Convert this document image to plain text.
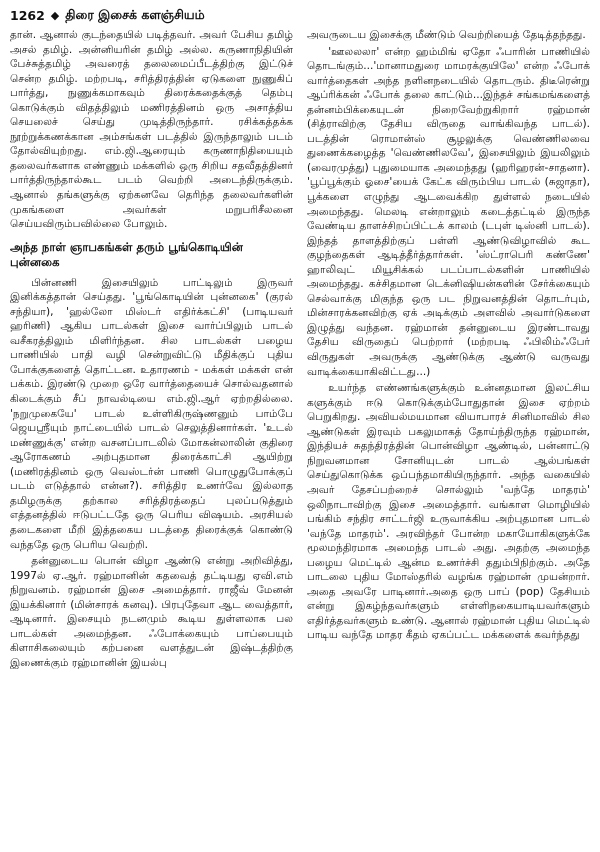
1262 ◆ திரை இசைக் களஞ்சியம்

தான். ஆனால் குடந்தையில் படித்தவர். அவர் பேசிய தமிழ் அசல் தமிழ். அன்னியரின் தமிழ் அல்ல. கருணாநிதியின் பேச்சுத்தமிழ் அவரைத் தலைமைப்பீடத்திற்கு இட்டுச் சென்ற தமிழ். மற்றபடி, சரித்திரத்தின் ஏடுகளை நுணுகிப் பார்த்து, நுணுக்கமாகவும் திரைக்கதைக்குத் தெம்பு கொடுக்கும் விதத்திலும் மணிரத்தினம் ஒரு அசாத்திய செயலைச் செய்து முடித்திருந்தார். ரசிக்கத்தக்க நூற்றுக்கணக்கான அம்சங்கள் படத்தில் இருந்தாலும் படம் தோல்வியுற்றது. எம்.ஜி.ஆரையும் கருணாநிதியையும் தலைவர்களாக எண்ணும் மக்களில் ஒரு சிறிய சதவீதத்தினர் பார்த்திருந்தால்கூட படம் வெற்றி அடைந்திருக்கும். ஆனால் தங்களுக்கு ஏற்கனவே தெரிந்த தலைவர்களின் முகங்களை அவர்கள் மறுபரிசீலனை செய்யவிரும்பவில்லை போலும்.

அந்த நாள் ஞாபகங்கள் தரும் பூங்கொடியின் புன்னகை

பின்னணி இசையிலும் பாட்டிலும் இருவர் இனிக்கத்தான் செய்தது. 'பூங்கொடியின் புன்னகை' (குரல் சந்தியா), 'ஹல்லோ மிஸ்டர் எதிர்க்கட்சி' (பாடியவர் ஹரிணி) ஆகிய பாடல்கள் இசை வார்ப்பிலும் பாடல் வசீகரத்திலும் மிளிர்ந்தன. சில பாடல்கள் பழைய பாணியில் பாதி வழி சென்றுவிட்டு மீதிக்குப் புதிய போக்குகளைத் தொட்டன. உதாரணம் - மக்கள் மக்கள் என் பக்கம். இரண்டு முறை ஒரே வார்த்தையைச் சொல்வதனால் கிடைக்கும் சீப் நாவல்டியை எம்.ஜி.ஆர் ஏற்றதில்லை. 'நறுமுகையே' பாடல் உள்ளிகிருஷ்ணனும் பாம்பே ஜெயஸ்ரீயும் நாட்டையில் பாடல் செலுத்தினார்கள். 'உடல் மண்ணுக்கு' என்ற வசனப்பாடலில் மோகன்லாலின் குதிரை ஆரோகணம் அற்புதமான திரைக்காட்சி ஆயிற்று (மணிரத்தினம் ஒரு வெஸ்டர்ன் பாணி பொழுதுபோக்குப் படம் எடுத்தால் என்ன?). சரித்திர உணர்வே இல்லாத தமிழருக்கு தற்கால சரித்திரத்தைப் புலப்படுத்தும் எத்தனத்தில் ஈடுபட்டதே ஒரு பெரிய விஷயம். அரசியல் தடைகளை மீறி இத்தகைய படத்தை திரைக்குக் கொண்டு வந்ததே ஒரு பெரிய வெற்றி.

தன்னுடைய பொன் விழா ஆண்டு என்று அறிவித்து, 1997ல் ஏ.ஆர். ரஹ்மானின் கதவைத் தட்டியது ஏவி.எம் நிறுவனம். ரஹ்மான் இசை அமைத்தார். ராஜீவ் மேனன் இயக்கினார் (மின்சாரக் கனவு). பிரபுதேவா ஆட வைத்தார், ஆடினார். இசையும் நடனமும் கூடிய துள்ளலாக பல பாடல்கள் அமைந்தன. ஃபோக்கையும் பாப்பையும் கிளாசிகலையும் கற்பனை வளத்துடன் இஷ்டத்திற்கு இணைக்கும் ரஹ்மானின் இயல்பு

அவருடைய இசைக்கு மீண்டும் வெற்றியைத் தேடித்தந்தது.

'ஊலலலா' என்ற ஹம்மிங் ஏதோ ஃபாரின் பாணியில் தொடங்கும்...'மானாமதுரை மாமரக்குயிலே' என்ற ஃபோக் வார்த்தைகள் அந்த நளினநடையில் தொடரும். திடீரென்று ஆப்ரிக்கன் ஃபோக் தலை காட்டும்...இந்தச் சங்கமங்களைத் தன்னம்பிக்கையுடன் நிறைவேற்றுகிறார் ரஹ்மான் (சித்ராவிற்கு தேசிய விருதை வாங்கிவந்த பாடல்). படத்தின் ரொமான்ஸ் சூழலுக்கு வெண்ணிலவை துணைக்கழைத்த 'வெண்ணிலவே', இசையிலும் இயலிலும் (வைரமுத்து) புதுமையாக அமைந்தது (ஹரிஹரன்-சாதனா). 'பூப்பூக்கும் ஓசை'யைக் கேட்க விரும்பிய பாடல் (சுஜாதா), பூக்களை எழுந்து ஆடவைக்கிற துள்ளல் நடையில் அமைந்தது. மெலடி என்றாலும் கடைத்தட்டில் இருந்த வேண்டிய தாளச்சிறப்பிட்டக் காலம் (டபுள் டிஸ்னி பாடல்). இந்தத் தாளத்திற்குப் பள்ளி ஆண்டுவிழாவில் கூட குழந்தைகள் ஆடித்தீர்த்தார்கள். 'ஸ்ட்ராபெரி கண்ணே' ஹாலிவுட் மியூசிக்கல் படப்பாடல்களின் பாணியில் அமைந்தது. கச்சிதமான டெக்னிஷியன்களின் சேர்க்கையும் செல்வாக்கு மிகுந்த ஒரு பட நிறுவனத்தின் தொடர்பும், மின்சாரக்கனவிற்கு ஏக் அடிக்கும் அளவில் அவார்டுகளை இழுத்து வந்தன. ரஹ்மான் தன்னுடைய இரண்டாவது தேசிய விருதைப் பெற்றார் (மற்றபடி ஃபிலிம்ஃபேர் விருதுகள் அவருக்கு ஆண்டுக்கு ஆண்டு வருவது வாடிக்கையாகிவிட்டது...)

உயர்ந்த எண்ணங்களுக்கும் உன்னதமான இலட்சிய களுக்கும் ஈடு கொடுக்கும்போதுதான் இசை ஏற்றம் பெறுகிறது. அவியல்மயமான வியாபாரச் சினிமாவில் சில ஆண்டுகள் இரவும் பகலுமாகத் தோய்ந்திருந்த ரஹ்மான், இந்தியச் சுதந்திரத்தின் பொன்விழா ஆண்டில், பன்னாட்டு நிறுவனமான சோனியுடன் பாடல் ஆல்பங்கள் செய்துகொடுக்க ஒப்பந்தமாகியிருந்தார். அந்த வகையில் அவர் தேசப்பற்றைச் சொல்லும் 'வந்தே மாதரம்' ஒலிநாடாவிற்கு இசை அமைத்தார். வங்காள மொழியில் பங்கிம் சந்திர சாட்டர்ஜி உருவாக்கிய அற்புதமான பாடல் 'வந்தே மாதரம்'. அரவிந்தர் போன்ற மகாயோகிகளுக்கே மூலமந்திரமாக அமைந்த பாடல் அது. அதற்கு அமைந்த பழைய மெட்டில் ஆன்ம உணர்ச்சி ததும்பிநிற்கும். அதே பாடலை புதிய மோஸ்தரில் வழங்க ரஹ்மான் முயன்றார். அதை அவரே பாடினார்.அதை ஒரு பாப் (pop) தேசியம் என்று இகழ்ந்தவர்களும் எள்ளிநகையாடியவர்களும் எதிர்த்தவர்களும் உண்டு. ஆனால் ரஹ்மான் புதிய மெட்டில் பாடிய வந்தே மாதர கீதம் ஏகப்பட்ட மக்களைக் கவர்ந்தது
